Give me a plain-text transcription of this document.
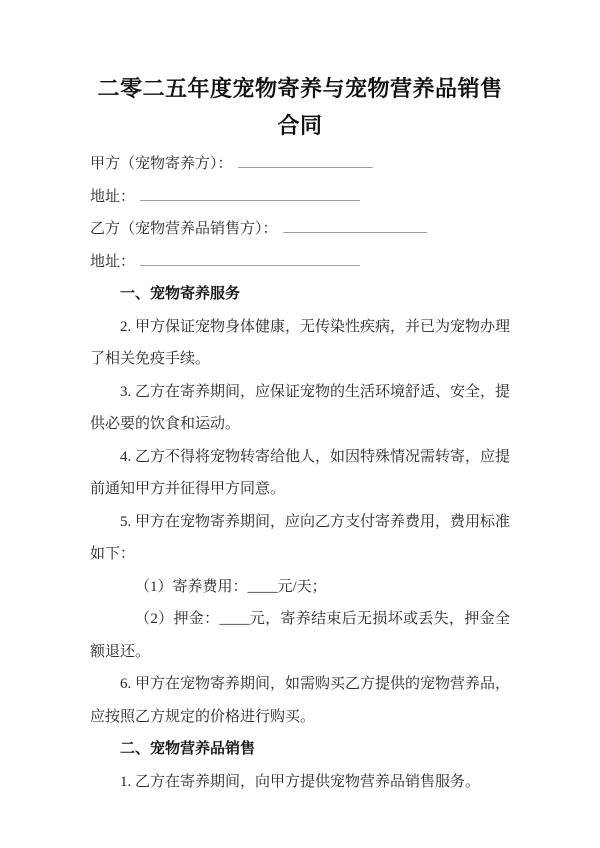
二零二五年度宠物寄养与宠物营养品销售
合同

甲方（宠物寄养方）：

地址：

乙方（宠物营养品销售方）：

地址：

一、宠物寄养服务

2. 甲方保证宠物身体健康，无传染性疾病，并已为宠物办理了相关免疫手续。

3. 乙方在寄养期间，应保证宠物的生活环境舒适、安全，提供必要的饮食和运动。

4. 乙方不得将宠物转寄给他人，如因特殊情况需转寄，应提前通知甲方并征得甲方同意。

5. 甲方在宠物寄养期间，应向乙方支付寄养费用，费用标准如下：

（1）寄养费用：____元/天；

（2）押金：____元，寄养结束后无损坏或丢失，押金全额退还。

6. 甲方在宠物寄养期间，如需购买乙方提供的宠物营养品，应按照乙方规定的价格进行购买。

二、宠物营养品销售

1. 乙方在寄养期间，向甲方提供宠物营养品销售服务。
